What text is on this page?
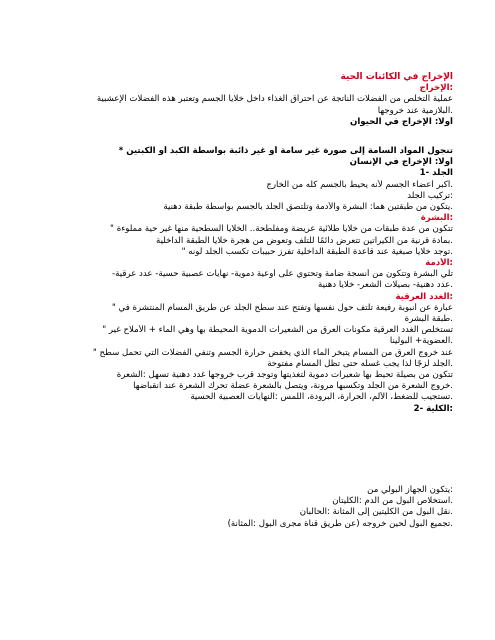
الإخراج في الكائنات الحية
:الإخراج
عملية التخلص من الفضلات الناتجة عن احتراق الغذاء داخل خلايا الجسم وتعتبر هذه الفضلات الإعشبية
.البلازمية عند خروجها
أولاً: الإخراج في الحيوان
تنجول المواد السامة إلى صورة غير سامة أو غير ذائبة بواسطة الكبد أو الكبتين *
أولاً: الإخراج في الإنسان
الجلد -1
.أكبر أعضاء الجسم لأنه يحيط بالجسم كله من الخارج
:تركيب الجلد
.يتكون من طبقتين هما: البشرة والأدمة وتلتصق الجلد بالجسم بواسطة طبقة دهنية
:البشرة
تتكون من عدة طبقات من خلايا طلائية عريضة ومفلطحة.. الخلايا السطحية منها غير حية مملوءة "
.بمادة قرنية من الكيراتين تتعرض دائمًا للتلف وتعوض من هجرة خلايا الطبقة الداخلية
.توجد خلايا صبغية عند قاعدة الطبقة الداخلية تفرز حبيبات تكسب الجلد لونه "
:الأدمة
تلي البشرة وتتكون من أنسجة ضامة وتحتوي على أوعية دموية- نهايات عصبية حسية- عدد عرقية-
.عدد دهنية- بصيلات الشعر- خلايا دهنية
:الغدد العرقية
عبارة عن أنبوبة رفيعة تلتف حول نفسها وتفتح عند سطح الجلد عن طريق المسام المنتشرة في "
.طبقة البشرة
تستخلص الغدد العرقية مكونات العرق من الشعيرات الدموية المحيطة بها وهي الماء + الأملاح غير "
.العضوية+ البولينا
عند خروج العرق من المسام يتبخر الماء الذي يخفض حرارة الجسم وتنفي الفضلات التي تحمل سطح "
.الجلد لزجًا لذا يجب غسله حتى تظل المسام مفتوحة
تتكون من بصيلة تحيط بها شعيرات دموية لتغذيتها وتوجد قرب خروجها غدد دهنية تسهل :الشعرة
.خروج الشعرة من الجلد وتكسبها مرونة، ويتصل بالشعرة عضلة تحرك الشعرة عند انقباضها
.تستجيب للضغط، الألم، الحرارة، البرودة، اللمس :النهايات العصبية الحسية
:الكلية -2
:يتكون الجهاز البولي من
.استخلاص البول من الدم :الكليتان
.نقل البول من الكليتين إلى المثانة :الحالبان
.تجميع البول لحين خروجه (عن طريق قناة مجرى البول :المثانة)
